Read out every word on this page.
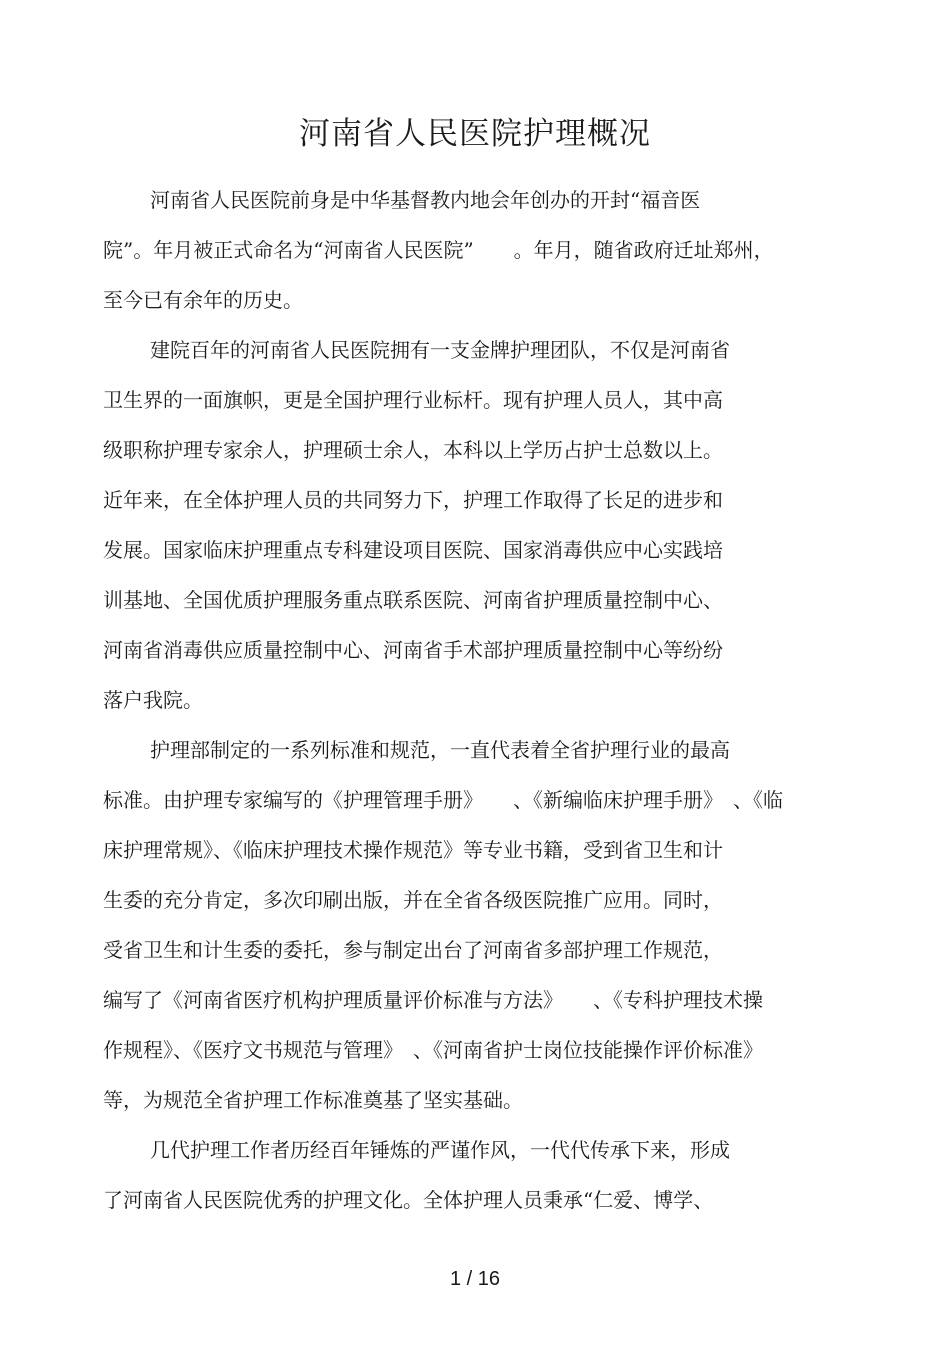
河南省人民医院护理概况
河南省人民医院前身是中华基督教内地会年创办的开封“福音医
院”。年月被正式命名为“河南省人民医院”　　。年月，随省政府迁址郑州，
至今已有余年的历史。
建院百年的河南省人民医院拥有一支金牌护理团队，不仅是河南省
卫生界的一面旗帜，更是全国护理行业标杆。现有护理人员人，其中高
级职称护理专家余人，护理硕士余人，本科以上学历占护士总数以上。
近年来，在全体护理人员的共同努力下，护理工作取得了长足的进步和
发展。国家临床护理重点专科建设项目医院、国家消毒供应中心实践培
训基地、全国优质护理服务重点联系医院、河南省护理质量控制中心、
河南省消毒供应质量控制中心、河南省手术部护理质量控制中心等纷纷
落户我院。
护理部制定的一系列标准和规范，一直代表着全省护理行业的最高
标准。由护理专家编写的《护理管理手册》　　、《新编临床护理手册》　、《临
床护理常规》、《临床护理技术操作规范》等专业书籍，受到省卫生和计
生委的充分肯定，多次印刷出版，并在全省各级医院推广应用。同时，
受省卫生和计生委的委托，参与制定出台了河南省多部护理工作规范，
编写了《河南省医疗机构护理质量评价标准与方法》　　、《专科护理技术操
作规程》、《医疗文书规范与管理》　、《河南省护士岗位技能操作评价标准》
等，为规范全省护理工作标准奠基了坚实基础。
几代护理工作者历经百年锤炼的严谨作风，一代代传承下来，形成
了河南省人民医院优秀的护理文化。全体护理人员秉承“仁爱、博学、
1 / 16
